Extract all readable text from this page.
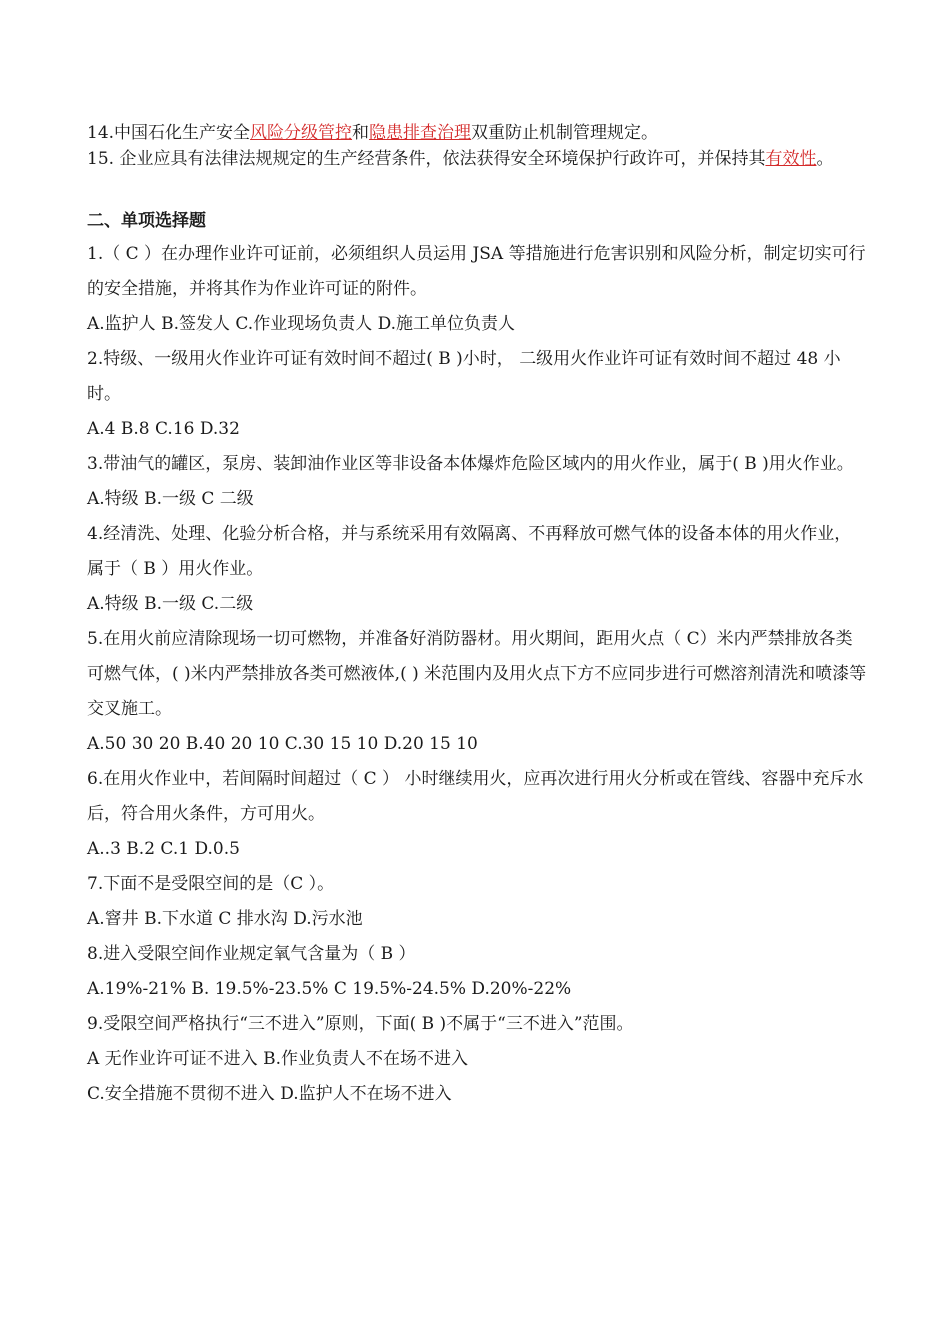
14.中国石化生产安全风险分级管控和隐患排查治理双重防止机制管理规定。
15. 企业应具有法律法规规定的生产经营条件，依法获得安全环境保护行政许可，并保持其有效性。
二、单项选择题
1.（ C ）在办理作业许可证前，必须组织人员运用 JSA 等措施进行危害识别和风险分析，制定切实可行的安全措施，并将其作为作业许可证的附件。
A.监护人 B.签发人 C.作业现场负责人 D.施工单位负责人
2.特级、一级用火作业许可证有效时间不超过( B )小时， 二级用火作业许可证有效时间不超过 48 小时。
A.4 B.8 C.16 D.32
3.带油气的罐区，泵房、装卸油作业区等非设备本体爆炸危险区域内的用火作业，属于( B )用火作业。
A.特级 B.一级 C 二级
4.经清洗、处理、化验分析合格，并与系统采用有效隔离、不再释放可燃气体的设备本体的用火作业，属于（ B ）用火作业。
A.特级 B.一级 C.二级
5.在用火前应清除现场一切可燃物，并准备好消防器材。用火期间，距用火点（ C）米内严禁排放各类可燃气体，( )米内严禁排放各类可燃液体,( ) 米范围内及用火点下方不应同步进行可燃溶剂清洗和喷漆等交叉施工。
A.50 30 20 B.40 20 10 C.30 15 10 D.20 15 10
6.在用火作业中，若间隔时间超过（ C ） 小时继续用火，应再次进行用火分析或在管线、容器中充斥水后，符合用火条件，方可用火。
A..3 B.2 C.1 D.0.5
7.下面不是受限空间的是（C ）。
A.窨井 B.下水道 C 排水沟 D.污水池
8.进入受限空间作业规定氧气含量为（ B ）
A.19%-21% B. 19.5%-23.5% C 19.5%-24.5% D.20%-22%
9.受限空间严格执行“三不进入”原则，下面( B )不属于“三不进入”范围。
A 无作业许可证不进入 B.作业负责人不在场不进入
C.安全措施不贯彻不进入 D.监护人不在场不进入
